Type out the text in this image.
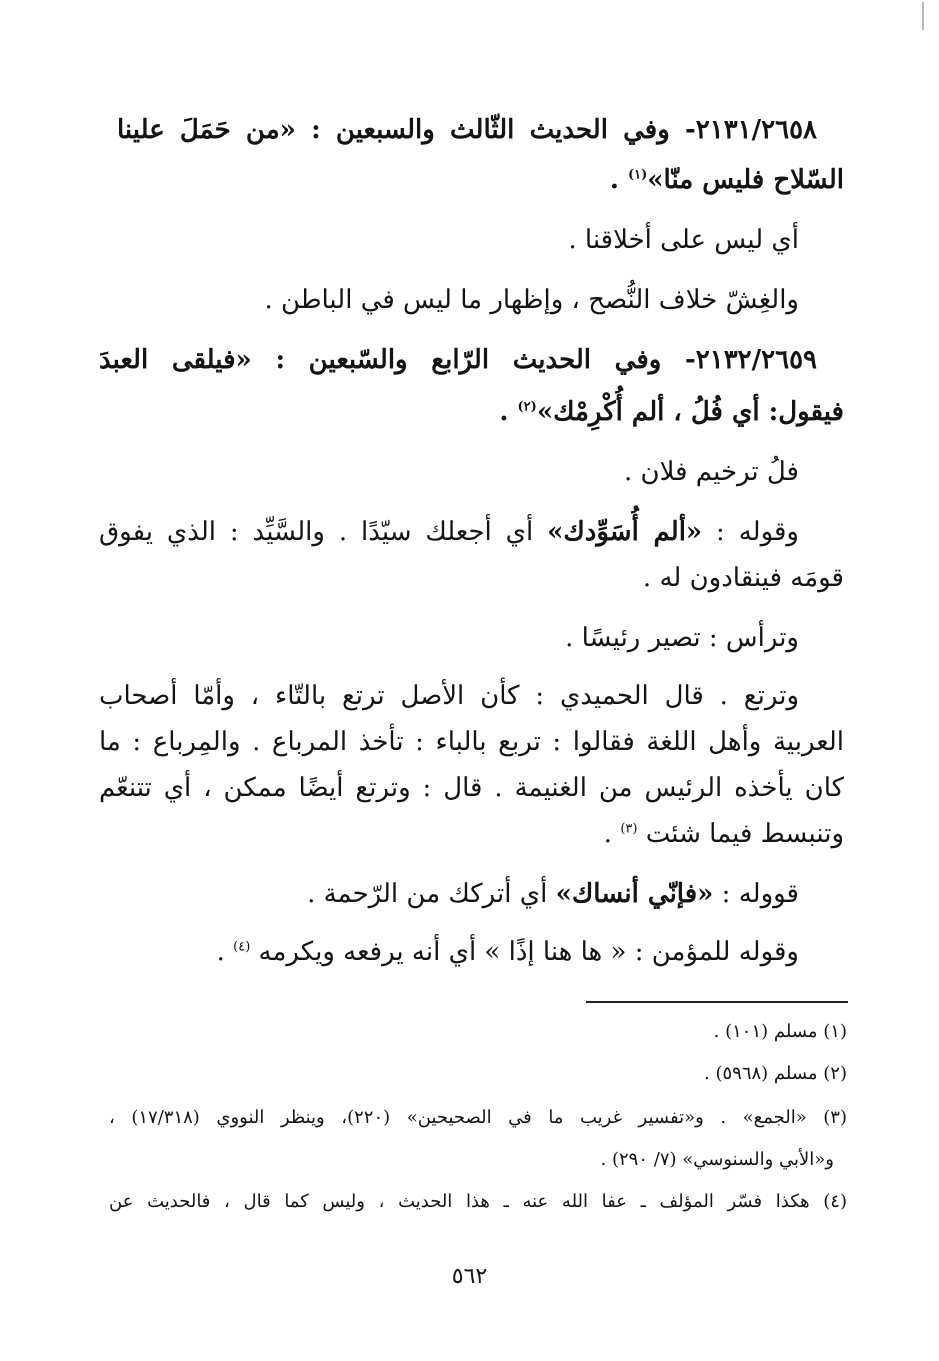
٢١٣١/٢٦٥٨- وفي الحديث الثّالث والسبعين : «من حَمَلَ علينا
السّلاح فليس منّا»$^{(١)}$ .
أي ليس على أخلاقنا .
والغِشّ خلاف النُّصح ، وإظهار ما ليس في الباطن .
٢١٣٢/٢٦٥٩- وفي الحديث الرّابع والسّبعين : «فيلقى العبدَ
فيقول: أي فُلُ ، ألم أُكْرِمْك»$^{(٢)}$ .
فلُ ترخيم فلان .
وقوله : «ألم أُسَوِّدك» أي أجعلك سيّدًا . والسَّيِّد : الذي يفوق
قومَه فينقادون له .
وترأس : تصير رئيسًا .
وترتع . قال الحميدي : كأن الأصل ترتع بالتّاء ، وأمّا أصحاب
العربية وأهل اللغة فقالوا : تربع بالباء : تأخذ المرباع . والمِرباع : ما
كان يأخذه الرئيس من الغنيمة . قال : وترتع أيضًا ممكن ، أي تتنعّم
وتنبسط فيما شئت $^{(٣)}$ .
قووله : «فإنّي أنساك» أي أتركك من الرّحمة .
وقوله للمؤمن : « ها هنا إذًا » أي أنه يرفعه ويكرمه $^{(٤)}$ .
(١) مسلم (١٠١) .
(٢) مسلم (٥٩٦٨) .
(٣) «الجمع» . و«تفسير غريب ما في الصحيحين» (٢٢٠)، وينظر النووي (١٧/٣١٨) ،
و«الأبي والسنوسي» (٧/ ٢٩٠) .
(٤) هكذا فسّر المؤلف ـ عفا الله عنه ـ هذا الحديث ، وليس كما قال ، فالحديث عن
٥٦٢
